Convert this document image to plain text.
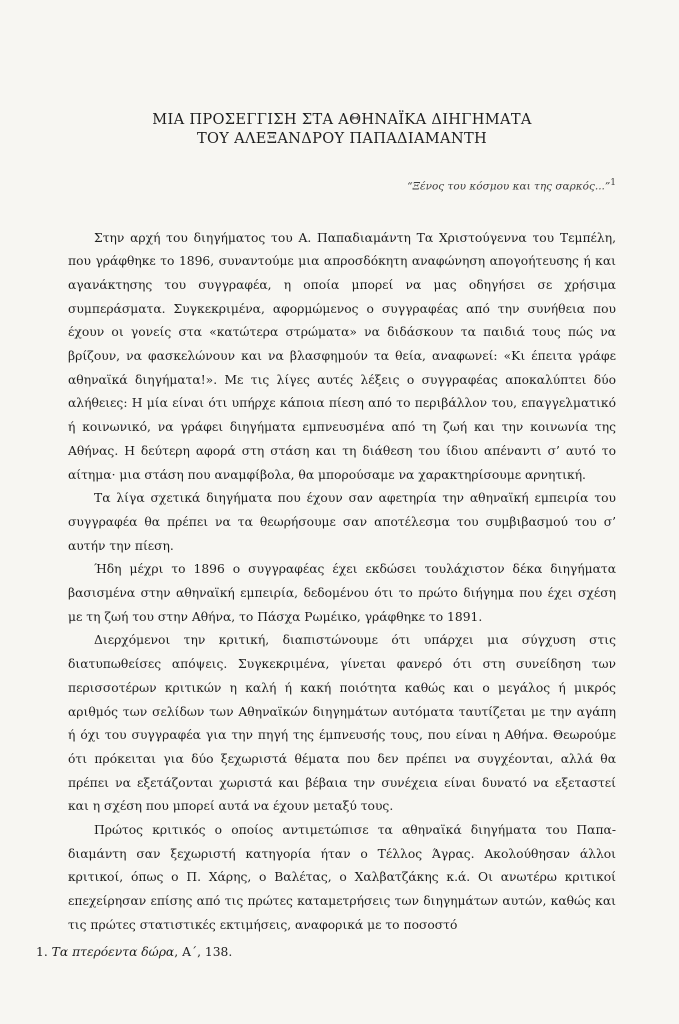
ΜΙΑ ΠΡΟΣΕΓΓΙΣΗ ΣΤΑ ΑΘΗΝΑΪΚΑ ΔΙΗΓΗΜΑΤΑ
ΤΟΥ ΑΛΕΞΑΝΔΡΟΥ ΠΑΠΑΔΙΑΜΑΝΤΗ
“Ξένος του κόσμου και της σαρκός...”$^1$

Στην αρχή του διηγήματος του Α. Παπαδιαμάντη Τα Χριστούγεννα του Τεμπέλη, που γράφθηκε το 1896, συναντούμε μια απροσδόκητη αναφώνηση απογοήτευσης ή και αγανάκτησης του συγγραφέα, η οποία μπορεί να μας οδηγήσει σε χρήσιμα συμπεράσματα. Συγκεκριμένα, αφορμώμενος ο συγγραφέας από την συνήθεια που έχουν οι γονείς στα «κατώτερα στρώματα» να διδάσκουν τα παιδιά τους πώς να βρίζουν, να φασκελώνουν και να βλασφημούν τα θεία, αναφωνεί: «Κι έπειτα γράφε αθηναϊκά διηγήματα!». Με τις λίγες αυτές λέξεις ο συγγραφέας αποκαλύπτει δύο αλήθειες: Η μία είναι ότι υπήρχε κάποια πίεση από το περιβάλλον του, επαγγελματικό ή κοινωνικό, να γράφει διηγήματα εμπνευσμένα από τη ζωή και την κοινωνία της Αθήνας. Η δεύτερη αφορά στη στάση και τη διάθεση του ίδιου απέναντι σ’ αυτό το αίτημα· μια στάση που αναμφίβολα, θα μπορούσαμε να χαρακτηρίσουμε αρνητική.

Τα λίγα σχετικά διηγήματα που έχουν σαν αφετηρία την αθηναϊκή εμπειρία του συγγραφέα θα πρέπει να τα θεωρήσουμε σαν αποτέλεσμα του συμβιβασμού του σ’ αυτήν την πίεση.

Ήδη μέχρι το 1896 ο συγγραφέας έχει εκδώσει τουλάχιστον δέκα διηγήματα βασισμένα στην αθηναϊκή εμπειρία, δεδομένου ότι το πρώτο διήγημα που έχει σχέση με τη ζωή του στην Αθήνα, το Πάσχα Ρωμέικο, γράφθηκε το 1891.

Διερχόμενοι την κριτική, διαπιστώνουμε ότι υπάρχει μια σύγχυση στις διατυπωθείσες απόψεις. Συγκεκριμένα, γίνεται φανερό ότι στη συνείδηση των περισσοτέρων κριτικών η καλή ή κακή ποιότητα καθώς και ο μεγάλος ή μικρός αριθμός των σελίδων των Αθηναϊκών διηγημάτων αυτόματα ταυτίζεται με την αγάπη ή όχι του συγγραφέα για την πηγή της έμπνευσής τους, που είναι η Αθήνα. Θεωρούμε ότι πρόκειται για δύο ξεχωριστά θέματα που δεν πρέπει να συγχέονται, αλλά θα πρέπει να εξετάζονται χωριστά και βέβαια την συνέχεια είναι δυνατό να εξεταστεί και η σχέση που μπορεί αυτά να έχουν μεταξύ τους.

Πρώτος κριτικός ο οποίος αντιμετώπισε τα αθηναϊκά διηγήματα του Παπαδιαμάντη σαν ξεχωριστή κατηγορία ήταν ο Τέλλος Άγρας. Ακολούθησαν άλλοι κριτικοί, όπως ο Π. Χάρης, ο Βαλέτας, ο Χαλβατζάκης κ.ά. Οι ανωτέρω κριτικοί επεχείρησαν επίσης από τις πρώτες καταμετρήσεις των διηγημάτων αυτών, καθώς και τις πρώτες στατιστικές εκτιμήσεις, αναφορικά με το ποσοστό

1. Τα πτερόεντα δώρα, Α΄, 138.
